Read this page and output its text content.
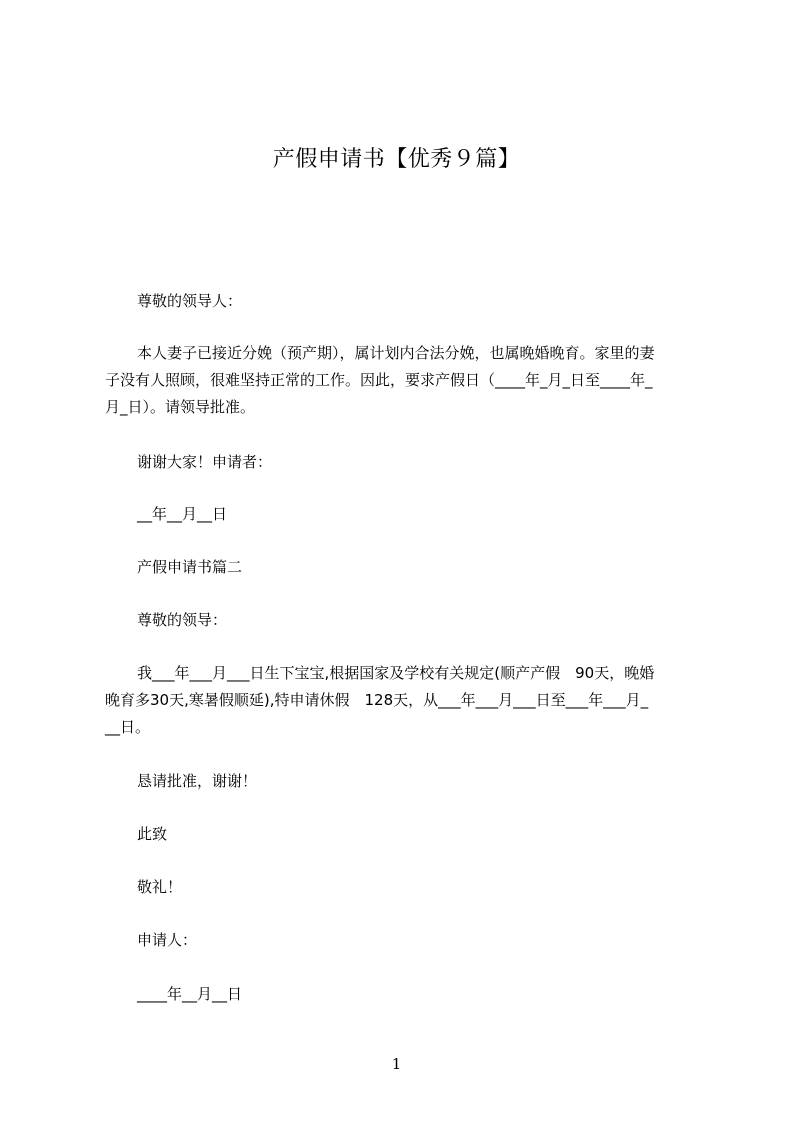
产假申请书【优秀９篇】
尊敬的领导人：
本人妻子已接近分娩（预产期），属计划内合法分娩，也属晚婚晚育。家里的妻
子没有人照顾，很难坚持正常的工作。因此，要求产假日（____年_月_日至____年_
月_日）。请领导批准。
谢谢大家！申请者：
__年__月__日
产假申请书篇二
尊敬的领导：
我___年___月___日生下宝宝,根据国家及学校有关规定(顺产产假　90天，晚婚
晚育多30天,寒暑假顺延),特申请休假　128天，从___年___月___日至___年___月_
__日。
恳请批准，谢谢！
此致
敬礼！
申请人：
____年__月__日
1
